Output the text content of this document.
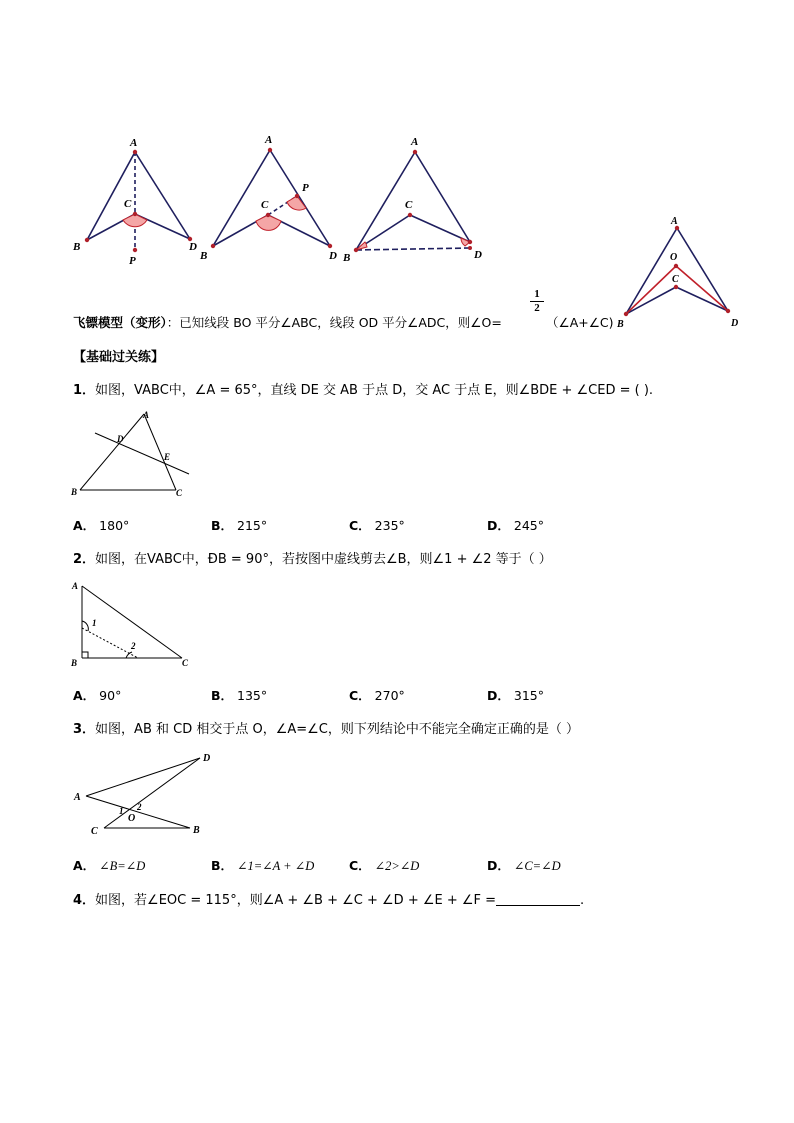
A
B	D
C
P
A
B	D
C
P
A
B	D
C
A
O
C
B	D
飞镖模型（变形）：已知线段 BO 平分∠ABC，线段 OD 平分∠ADC，则∠O=
1
2
（∠A+∠C)
【基础过关练】
1．如图，VABC中，∠A = 65°，直线 DE 交 AB 于点 D，交 AC 于点 E，则∠BDE + ∠CED = ( ).
A
D
E
B	C
A． 180°	B． 215°	C． 235°	D． 245°
2．如图，在VABC中，ÐB = 90°，若按图中虚线剪去∠B，则∠1 + ∠2 等于（ ）
A
B	C
1
2
A． 90°	B． 135°	C． 270°	D． 315°
3．如图，AB 和 CD 相交于点 O，∠A=∠C，则下列结论中不能完全确定正确的是（ ）
D
A
C	B
O
1 2
A． ∠B=∠D	B． ∠1=∠A + ∠D	C． ∠2>∠D	D． ∠C=∠D
4．如图，若∠EOC = 115°，则∠A + ∠B + ∠C + ∠D + ∠E + ∠F =	.
